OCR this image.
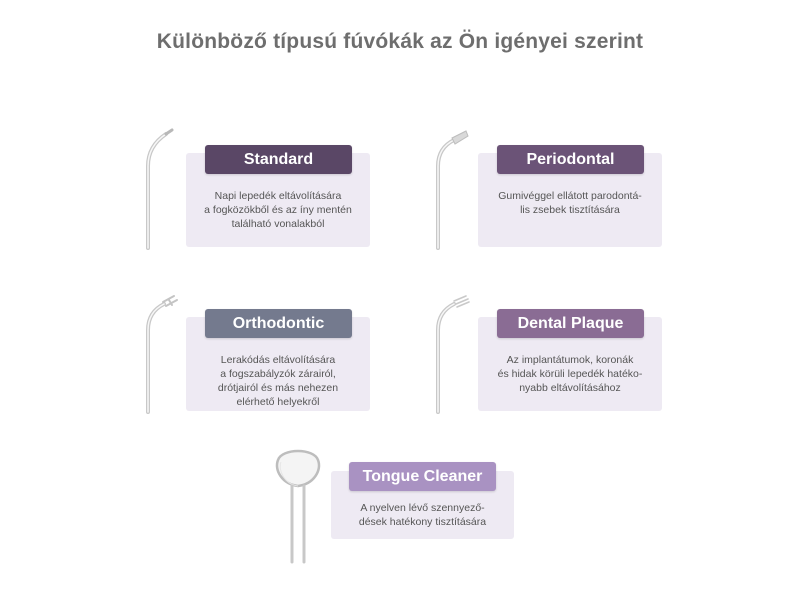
Különböző típusú fúvókák az Ön igényei szerint
Napi lepedék eltávolítására
a fogközökből és az íny mentén
található vonalakból
Standard
Gumivéggel ellátott parodontá-
lis zsebek tisztítására
Periodontal
Lerakódás eltávolítására
a fogszabályzók zárairól,
drótjairól és más nehezen
elérhető helyekről
Orthodontic
Az implantátumok, koronák
és hidak körüli lepedék hatéko-
nyabb eltávolításához
Dental Plaque
A nyelven lévő szennyező-
dések hatékony tisztítására
Tongue Cleaner
